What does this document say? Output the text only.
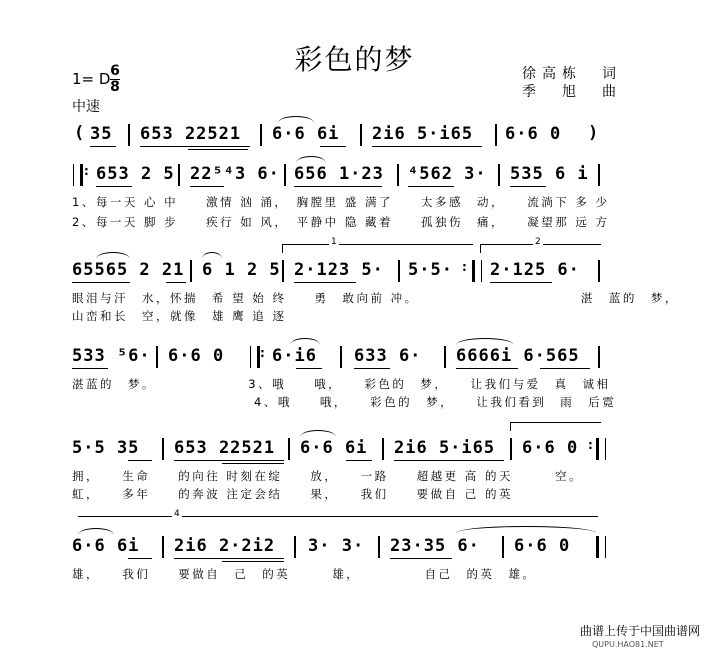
彩色的梦	徐高栋　词
季　旭　曲
1= D 6
8
中速
( 35 653 22521 6·6 6i 2i6 5·i65 6·6 0 )
: 653 2 5 22⁵⁴3 6· 656 1·23 ⁴562 3· 535 6 i
1、每一天 心 中　　激情 汹 涌，　胸膛里 盛 满了　　太多感　动，　　流淌下 多 少
2、每一天 脚 步　　疾行 如 风，　平静中 隐 藏着　　孤独伤　痛，　　凝望那 远 方
1	2
65565 2 21 6 1 2 5 2·123 5· 5·5· : 2·125 6·
眼泪与汗　水，怀揣　希 望 始 终　　勇　敢向前 冲。　　　　　　　　　　　　湛　蓝的　梦，
山峦和长　空，就像　雄 鹰 追 逐
533 ⁵6· 6·6 0	: 6·i6 633 6· 6666i 6·565
湛蓝的　梦。　　　　　　　3、哦　　哦，　　彩色的　梦，　　让我们与爱　真　诚相
　　　　　　　　　　　　　4、哦　　哦，　　彩色的　梦，　　让我们看到　雨　后霓
5·5 35 653 22521 6·6 6i 2i6 5·i65 6·6 0 :
拥，　　生命　　的向往 时刻在绽　　放，　　一路　　超越更 高 的天　　　空。
虹，　　多年　　的奔波 注定会结　　果，　　我们　　要做自 己 的英
4
6·6 6i 2i6 2·2i2 3· 3· 23·35 6· 6·6 0
雄，　　我们　　要做自　己　的英　　　雄，　　　　　自己　的英　雄。
曲谱上传于中国曲谱网
QUPU.HAO81.NET
